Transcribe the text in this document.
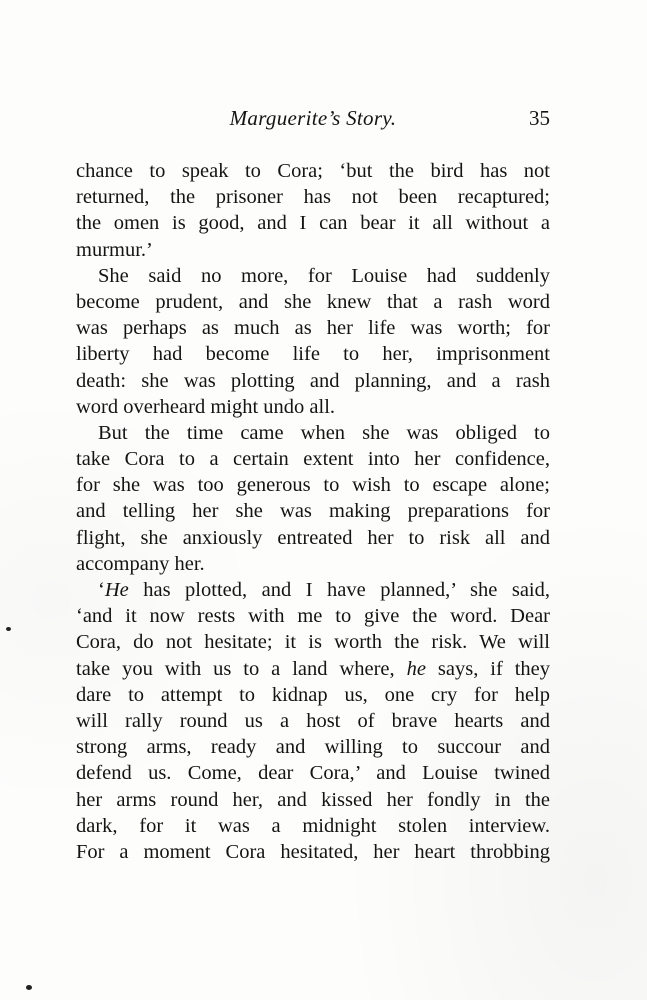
Marguerite’s Story.	35
chance to speak to Cora; ‘but the bird has not
returned, the prisoner has not been recaptured;
the omen is good, and I can bear it all without a
murmur.’
She said no more, for Louise had suddenly
become prudent, and she knew that a rash word
was perhaps as much as her life was worth; for
liberty had become life to her, imprisonment
death: she was plotting and planning, and a rash
word overheard might undo all.
But the time came when she was obliged to
take Cora to a certain extent into her confidence,
for she was too generous to wish to escape alone;
and telling her she was making preparations for
flight, she anxiously entreated her to risk all and
accompany her.
‘He has plotted, and I have planned,’ she said,
‘and it now rests with me to give the word. Dear
Cora, do not hesitate; it is worth the risk. We will
take you with us to a land where, he says, if they
dare to attempt to kidnap us, one cry for help
will rally round us a host of brave hearts and
strong arms, ready and willing to succour and
defend us. Come, dear Cora,’ and Louise twined
her arms round her, and kissed her fondly in the
dark, for it was a midnight stolen interview.
For a moment Cora hesitated, her heart throbbing
